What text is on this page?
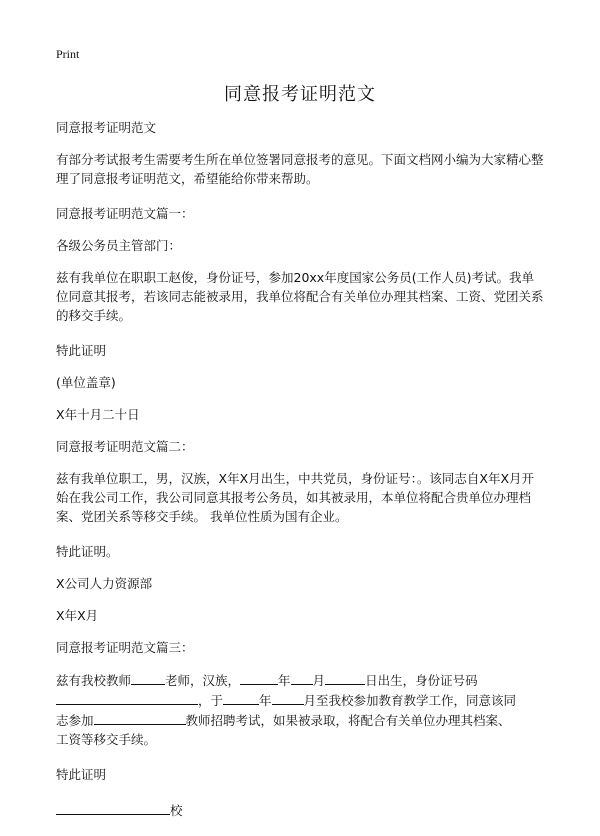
Print
同意报考证明范文

同意报考证明范文

有部分考试报考生需要考生所在单位签署同意报考的意见。下面文档网小编为大家精心整理了同意报考证明范文，希望能给你带来帮助。

同意报考证明范文篇一：

各级公务员主管部门：

兹有我单位在职职工赵俊，身份证号，参加20xx年度国家公务员(工作人员)考试。我单位同意其报考，若该同志能被录用，我单位将配合有关单位办理其档案、工资、党团关系的移交手续。

特此证明

(单位盖章)

X年十月二十日

同意报考证明范文篇二：

兹有我单位职工，男，汉族，X年X月出生，中共党员，身份证号：。该同志自X年X月开始在我公司工作，我公司同意其报考公务员，如其被录用，本单位将配合贵单位办理档案、党团关系等移交手续。 我单位性质为国有企业。

特此证明。

X公司人力资源部

X年X月

同意报考证明范文篇三：

兹有我校教师	老师，汉族，	年 月	日出生，身份证号码
，于	年	月至我校参加教育教学工作，同意该同
志参加	教师招聘考试，如果被录取，将配合有关单位办理其档案、
工资等移交手续。

特此证明

校
